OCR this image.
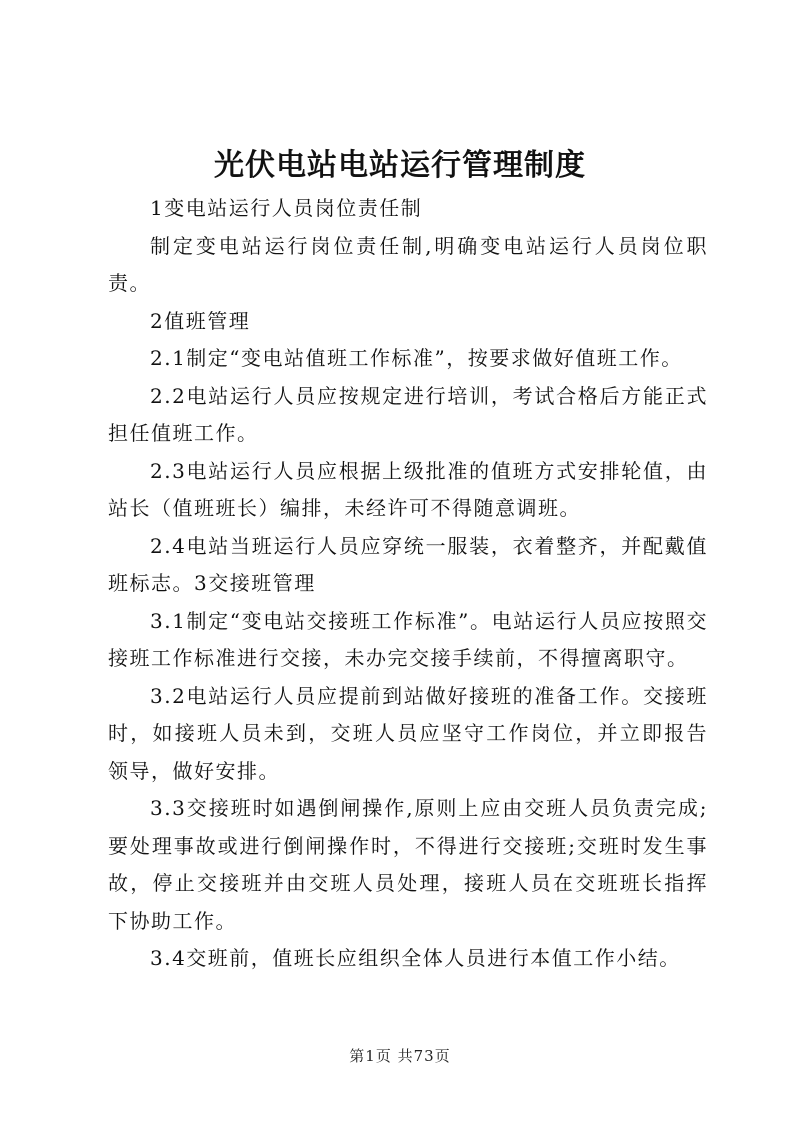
光伏电站电站运行管理制度

1变电站运行人员岗位责任制

制定变电站运行岗位责任制,明确变电站运行人员岗位职责。

2值班管理

2.1制定“变电站值班工作标准”，按要求做好值班工作。

2.2电站运行人员应按规定进行培训，考试合格后方能正式担任值班工作。

2.3电站运行人员应根据上级批准的值班方式安排轮值，由站长（值班班长）编排，未经许可不得随意调班。

2.4电站当班运行人员应穿统一服装，衣着整齐，并配戴值班标志。3交接班管理

3.1制定“变电站交接班工作标准”。电站运行人员应按照交接班工作标准进行交接，未办完交接手续前，不得擅离职守。

3.2电站运行人员应提前到站做好接班的准备工作。交接班时，如接班人员未到，交班人员应坚守工作岗位，并立即报告领导，做好安排。

3.3交接班时如遇倒闸操作,原则上应由交班人员负责完成;要处理事故或进行倒闸操作时，不得进行交接班;交班时发生事故，停止交接班并由交班人员处理，接班人员在交班班长指挥下协助工作。

3.4交班前，值班长应组织全体人员进行本值工作小结。

第1页 共73页
